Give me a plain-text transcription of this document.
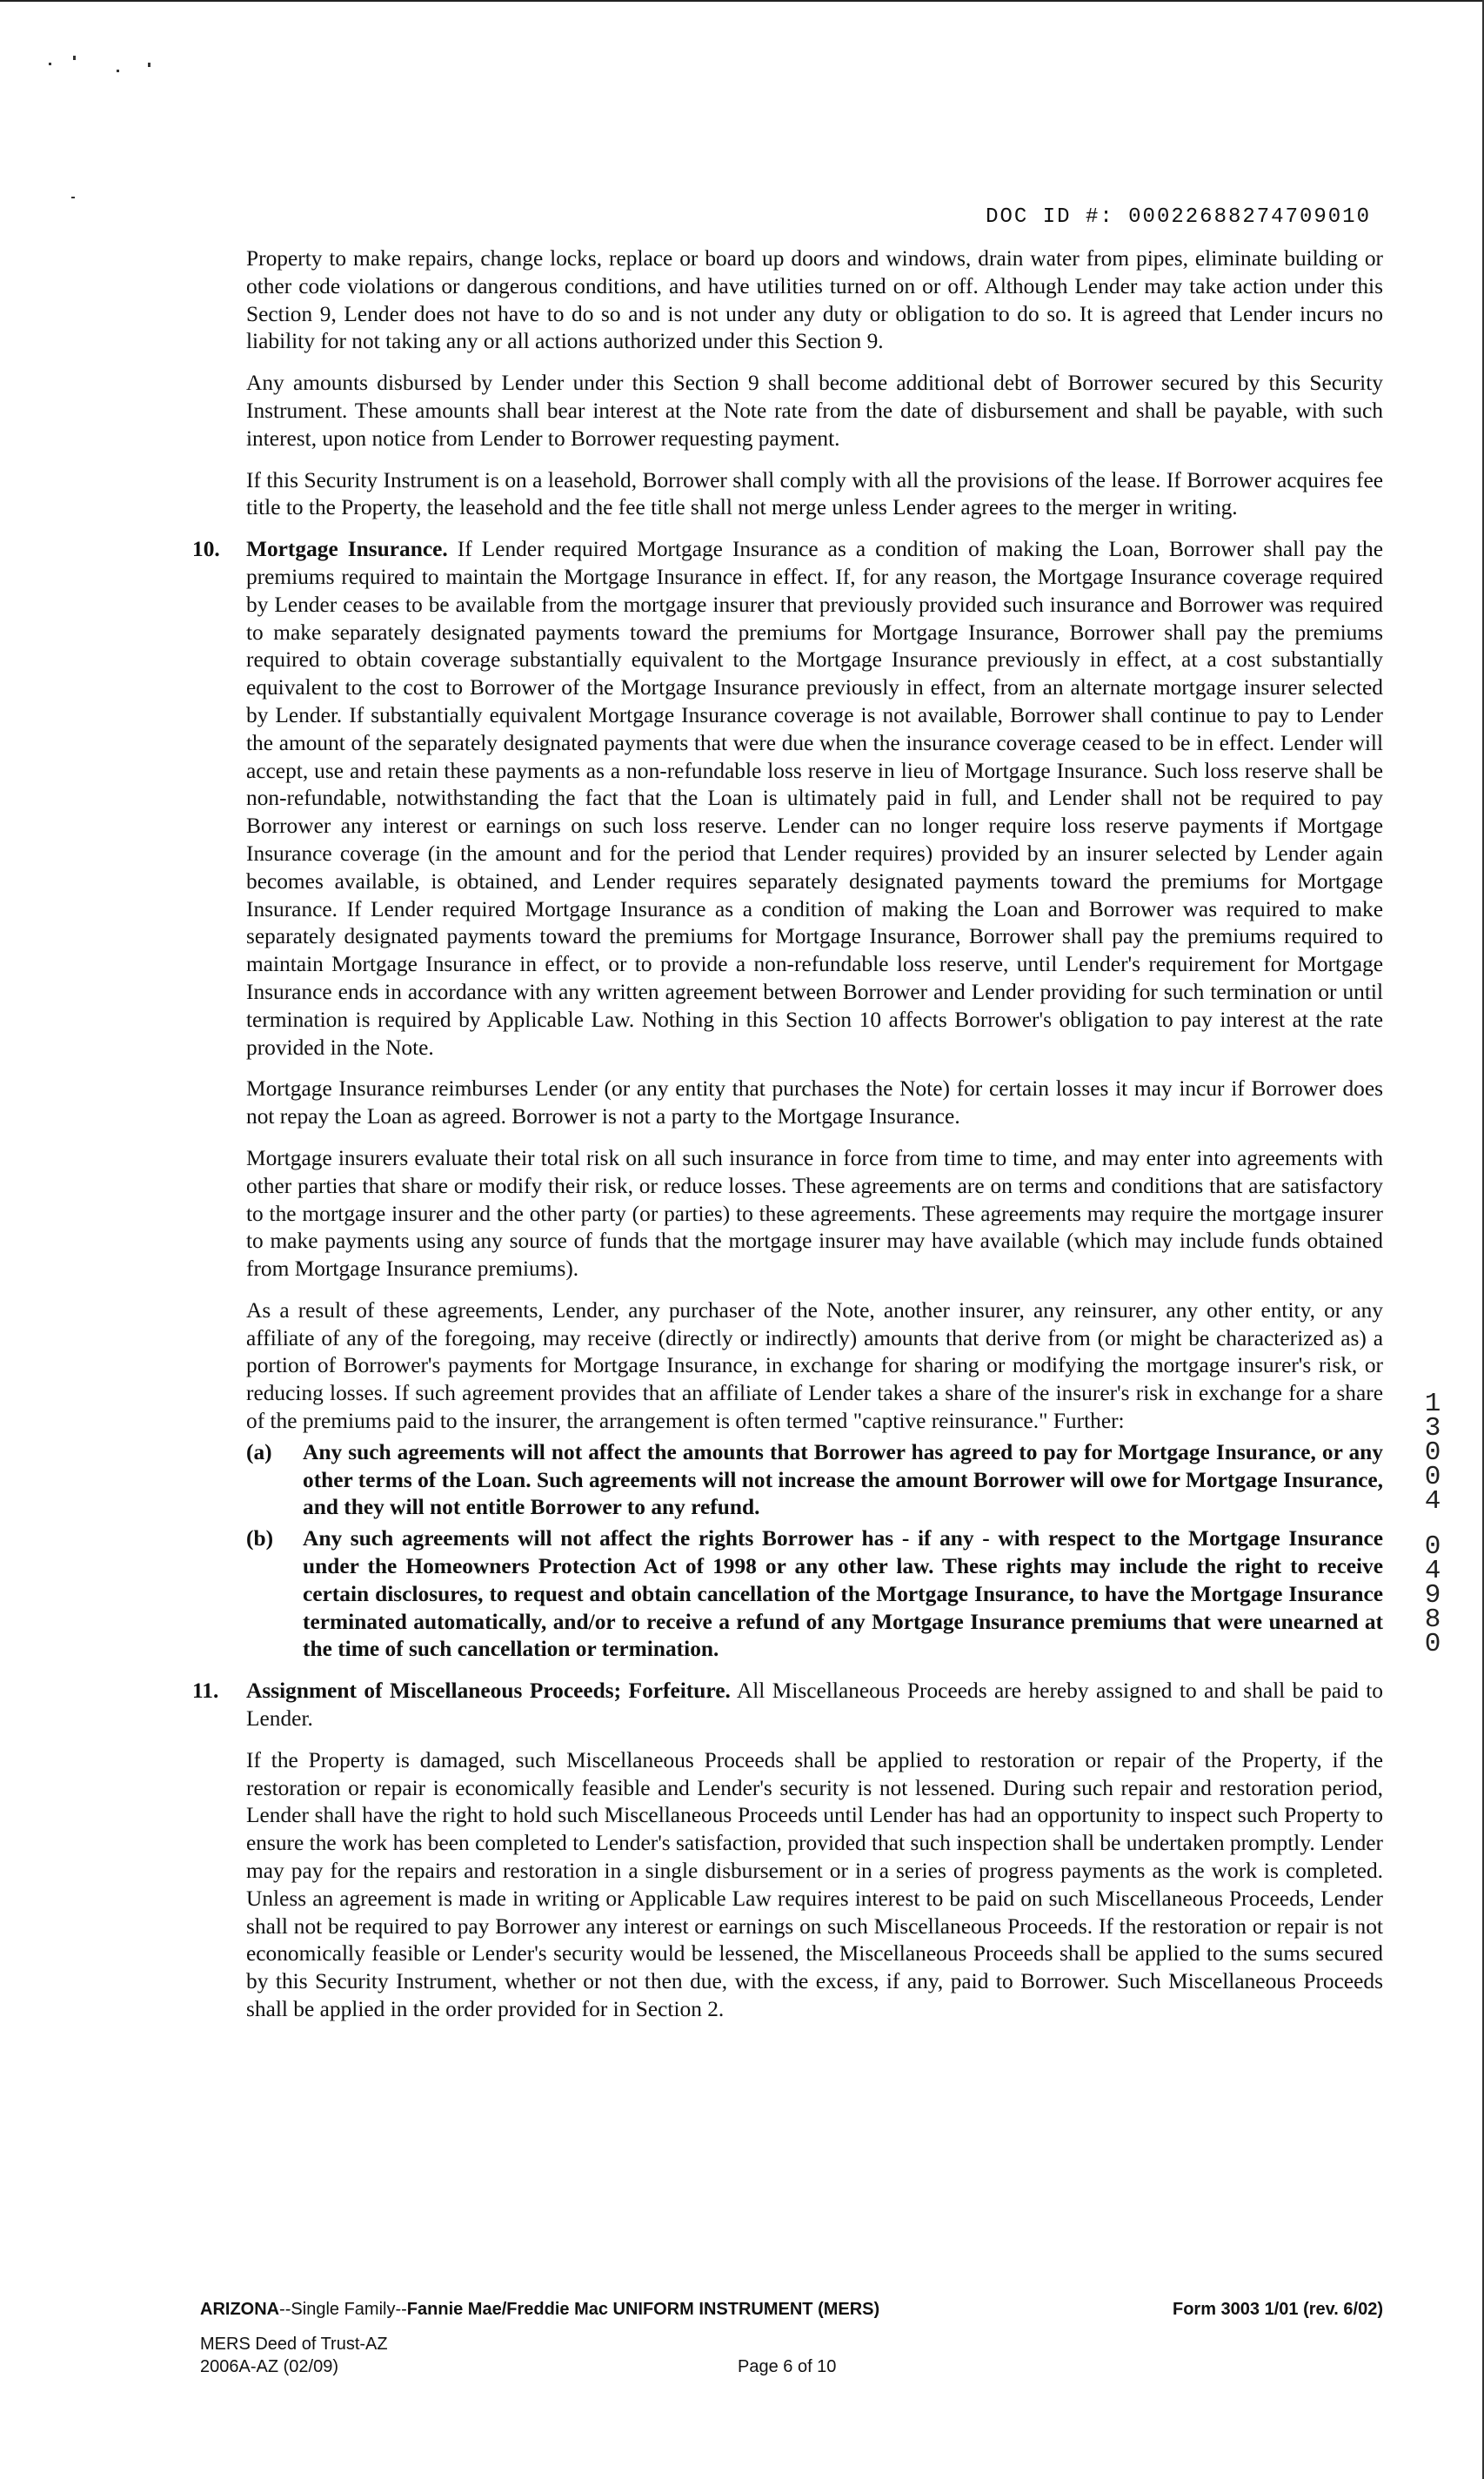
DOC ID #: 00022688274709010

Property to make repairs, change locks, replace or board up doors and windows, drain water from pipes, eliminate building or other code violations or dangerous conditions, and have utilities turned on or off. Although Lender may take action under this Section 9, Lender does not have to do so and is not under any duty or obligation to do so. It is agreed that Lender incurs no liability for not taking any or all actions authorized under this Section 9.

Any amounts disbursed by Lender under this Section 9 shall become additional debt of Borrower secured by this Security Instrument. These amounts shall bear interest at the Note rate from the date of disbursement and shall be payable, with such interest, upon notice from Lender to Borrower requesting payment.

If this Security Instrument is on a leasehold, Borrower shall comply with all the provisions of the lease. If Borrower acquires fee title to the Property, the leasehold and the fee title shall not merge unless Lender agrees to the merger in writing.

10. Mortgage Insurance. If Lender required Mortgage Insurance as a condition of making the Loan, Borrower shall pay the premiums required to maintain the Mortgage Insurance in effect. If, for any reason, the Mortgage Insurance coverage required by Lender ceases to be available from the mortgage insurer that previously provided such insurance and Borrower was required to make separately designated payments toward the premiums for Mortgage Insurance, Borrower shall pay the premiums required to obtain coverage substantially equivalent to the Mortgage Insurance previously in effect, at a cost substantially equivalent to the cost to Borrower of the Mortgage Insurance previously in effect, from an alternate mortgage insurer selected by Lender. If substantially equivalent Mortgage Insurance coverage is not available, Borrower shall continue to pay to Lender the amount of the separately designated payments that were due when the insurance coverage ceased to be in effect. Lender will accept, use and retain these payments as a non-refundable loss reserve in lieu of Mortgage Insurance. Such loss reserve shall be non-refundable, notwithstanding the fact that the Loan is ultimately paid in full, and Lender shall not be required to pay Borrower any interest or earnings on such loss reserve. Lender can no longer require loss reserve payments if Mortgage Insurance coverage (in the amount and for the period that Lender requires) provided by an insurer selected by Lender again becomes available, is obtained, and Lender requires separately designated payments toward the premiums for Mortgage Insurance. If Lender required Mortgage Insurance as a condition of making the Loan and Borrower was required to make separately designated payments toward the premiums for Mortgage Insurance, Borrower shall pay the premiums required to maintain Mortgage Insurance in effect, or to provide a non-refundable loss reserve, until Lender's requirement for Mortgage Insurance ends in accordance with any written agreement between Borrower and Lender providing for such termination or until termination is required by Applicable Law. Nothing in this Section 10 affects Borrower's obligation to pay interest at the rate provided in the Note.

Mortgage Insurance reimburses Lender (or any entity that purchases the Note) for certain losses it may incur if Borrower does not repay the Loan as agreed. Borrower is not a party to the Mortgage Insurance.

Mortgage insurers evaluate their total risk on all such insurance in force from time to time, and may enter into agreements with other parties that share or modify their risk, or reduce losses. These agreements are on terms and conditions that are satisfactory to the mortgage insurer and the other party (or parties) to these agreements. These agreements may require the mortgage insurer to make payments using any source of funds that the mortgage insurer may have available (which may include funds obtained from Mortgage Insurance premiums).

As a result of these agreements, Lender, any purchaser of the Note, another insurer, any reinsurer, any other entity, or any affiliate of any of the foregoing, may receive (directly or indirectly) amounts that derive from (or might be characterized as) a portion of Borrower's payments for Mortgage Insurance, in exchange for sharing or modifying the mortgage insurer's risk, or reducing losses. If such agreement provides that an affiliate of Lender takes a share of the insurer's risk in exchange for a share of the premiums paid to the insurer, the arrangement is often termed "captive reinsurance." Further:

(a) Any such agreements will not affect the amounts that Borrower has agreed to pay for Mortgage Insurance, or any other terms of the Loan. Such agreements will not increase the amount Borrower will owe for Mortgage Insurance, and they will not entitle Borrower to any refund.
(b) Any such agreements will not affect the rights Borrower has - if any - with respect to the Mortgage Insurance under the Homeowners Protection Act of 1998 or any other law. These rights may include the right to receive certain disclosures, to request and obtain cancellation of the Mortgage Insurance, to have the Mortgage Insurance terminated automatically, and/or to receive a refund of any Mortgage Insurance premiums that were unearned at the time of such cancellation or termination.
11. Assignment of Miscellaneous Proceeds; Forfeiture. All Miscellaneous Proceeds are hereby assigned to and shall be paid to Lender.

If the Property is damaged, such Miscellaneous Proceeds shall be applied to restoration or repair of the Property, if the restoration or repair is economically feasible and Lender's security is not lessened. During such repair and restoration period, Lender shall have the right to hold such Miscellaneous Proceeds until Lender has had an opportunity to inspect such Property to ensure the work has been completed to Lender's satisfaction, provided that such inspection shall be undertaken promptly. Lender may pay for the repairs and restoration in a single disbursement or in a series of progress payments as the work is completed. Unless an agreement is made in writing or Applicable Law requires interest to be paid on such Miscellaneous Proceeds, Lender shall not be required to pay Borrower any interest or earnings on such Miscellaneous Proceeds. If the restoration or repair is not economically feasible or Lender's security would be lessened, the Miscellaneous Proceeds shall be applied to the sums secured by this Security Instrument, whether or not then due, with the excess, if any, paid to Borrower. Such Miscellaneous Proceeds shall be applied in the order provided for in Section 2.

1
3
0
0
4
0
4
9
8
0
ARIZONA--Single Family--Fannie Mae/Freddie Mac UNIFORM INSTRUMENT (MERS)	Form 3003 1/01 (rev. 6/02)
MERS Deed of Trust-AZ
2006A-AZ (02/09)	Page 6 of 10
